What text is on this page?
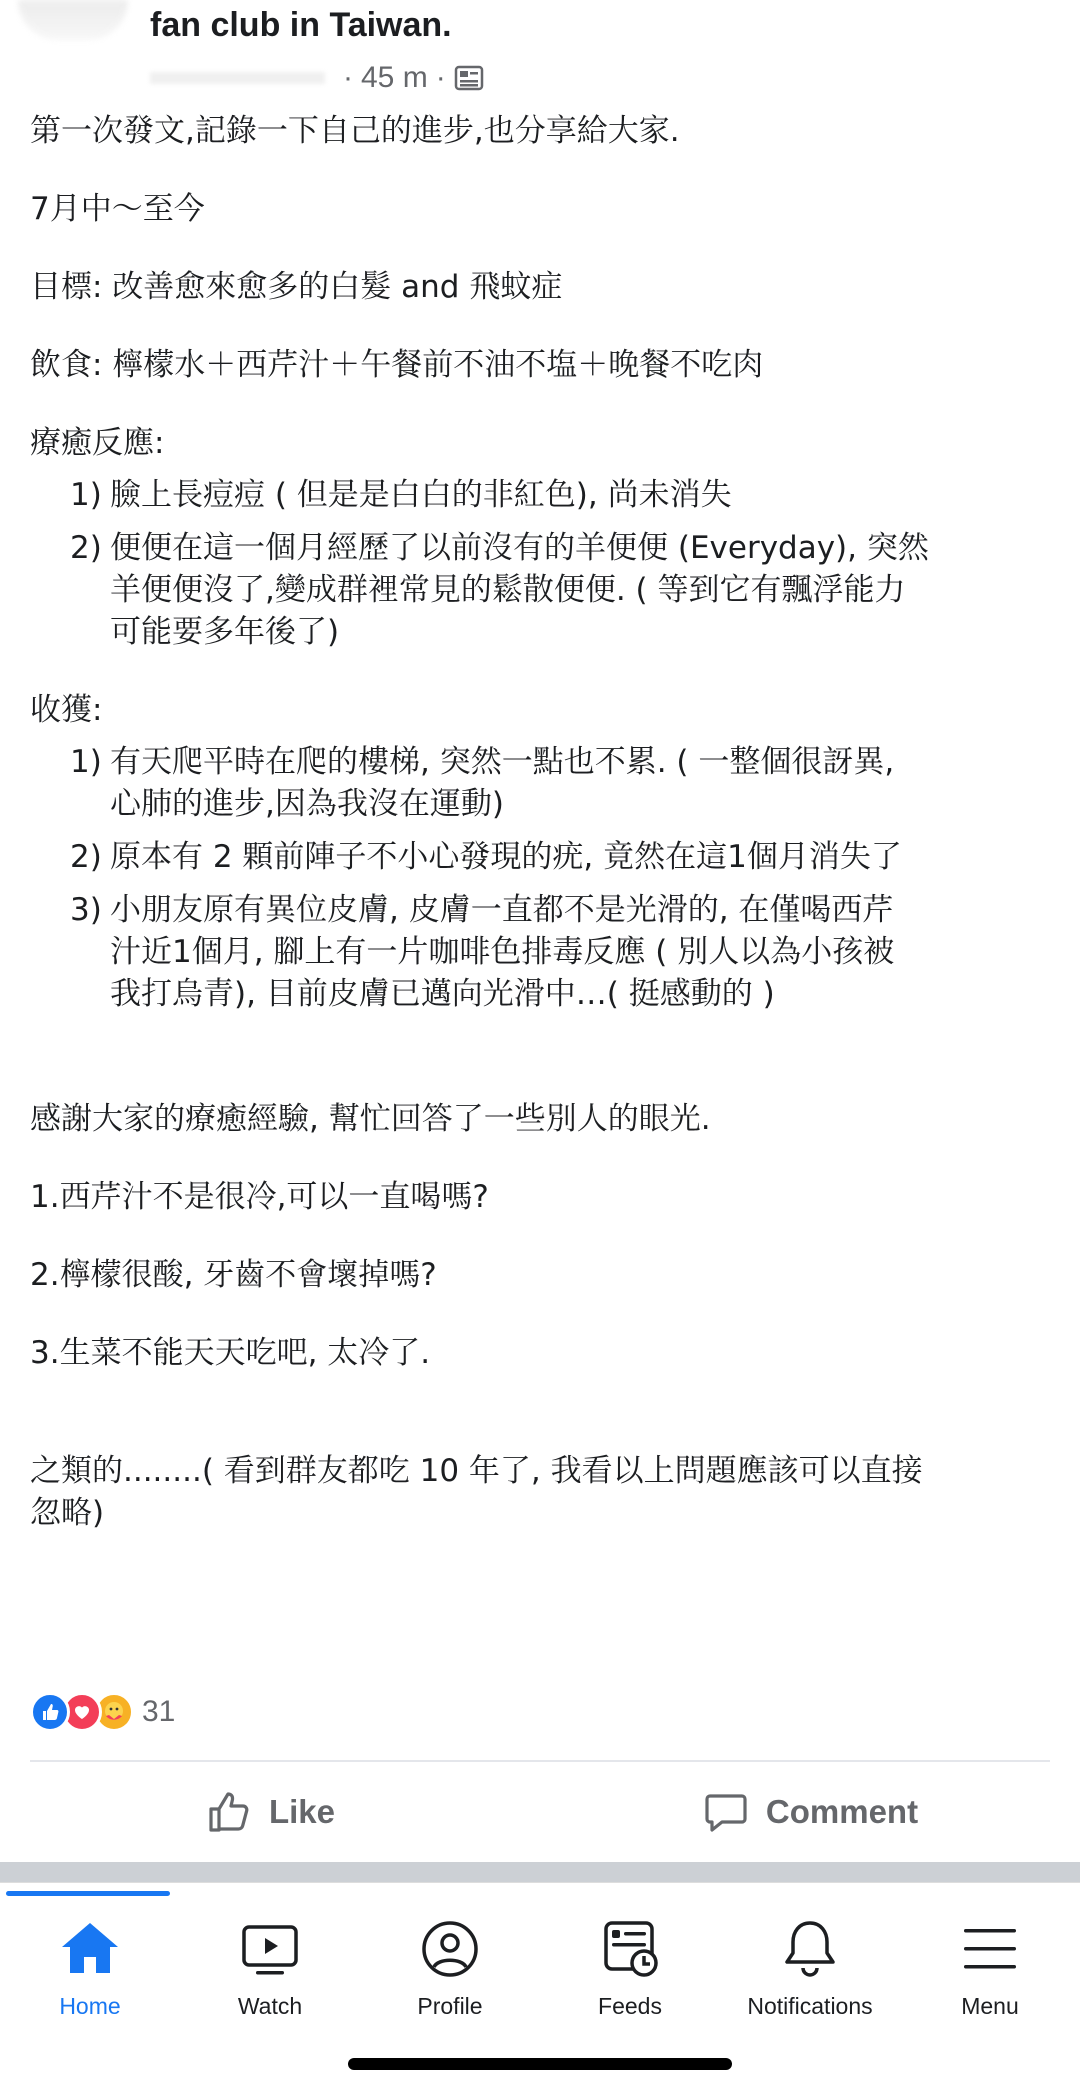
fan club in Taiwan.
· 45 m ·
第一次發文,記錄一下自己的進步,也分享給大家.
7月中～至今
目標: 改善愈來愈多的白髮 and 飛蚊症
飲食: 檸檬水＋西芹汁＋午餐前不油不塩＋晚餐不吃肉
療癒反應:
1) 臉上長痘痘 ( 但是是白白的非紅色), 尚未消失
2) 便便在這一個月經歷了以前沒有的羊便便 (Everyday), 突然
羊便便沒了,變成群裡常見的鬆散便便. ( 等到它有飄浮能力
可能要多年後了)
收獲:
1) 有天爬平時在爬的樓梯, 突然一點也不累. ( 一整個很訝異,
心肺的進步,因為我沒在運動)
2) 原本有 2 顆前陣子不小心發現的疣, 竟然在這1個月消失了
3) 小朋友原有異位皮膚, 皮膚一直都不是光滑的, 在僅喝西芹
汁近1個月, 腳上有一片咖啡色排毒反應 ( 別人以為小孩被
我打烏青), 目前皮膚已邁向光滑中…( 挺感動的 )
感謝大家的療癒經驗, 幫忙回答了一些別人的眼光.
1.西芹汁不是很冷,可以一直喝嗎?
2.檸檬很酸, 牙齒不會壞掉嗎?
3.生菜不能天天吃吧, 太冷了.
之類的........( 看到群友都吃 10 年了, 我看以上問題應該可以直接
忽略)
31
Like	Comment
Home	Watch	Profile	Feeds	Notifications	Menu
